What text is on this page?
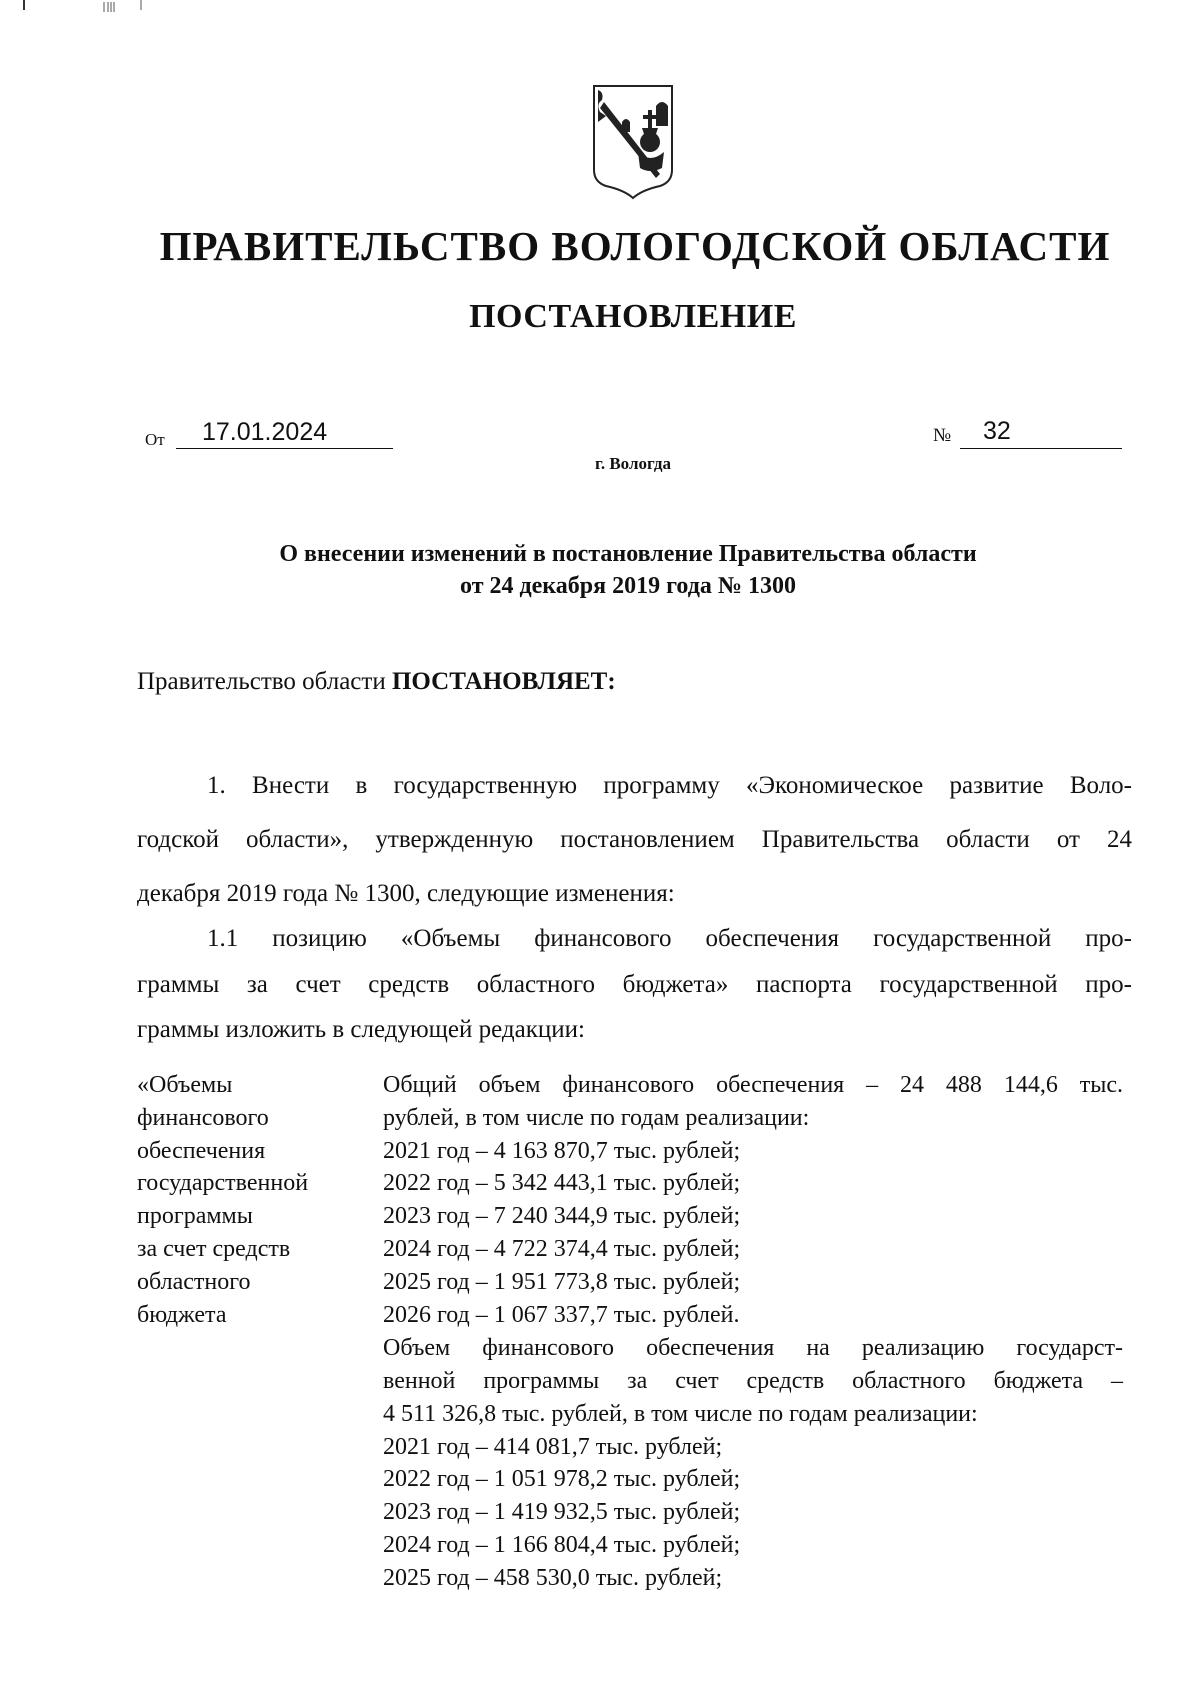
ПРАВИТЕЛЬСТВО ВОЛОГОДСКОЙ ОБЛАСТИ
ПОСТАНОВЛЕНИЕ
От 17.01.2024	№ 32
г. Вологда
О внесении изменений в постановление Правительства области
от 24 декабря 2019 года № 1300
Правительство области ПОСТАНОВЛЯЕТ:
1. Внести в государственную программу «Экономическое развитие Воло-
годской области», утвержденную постановлением Правительства области от 24
декабря 2019 года № 1300, следующие изменения:
1.1 позицию «Объемы финансового обеспечения государственной про-
граммы за счет средств областного бюджета» паспорта государственной про-
граммы изложить в следующей редакции:
«Объемы
финансового
обеспечения
государственной
программы
за счет средств
областного
бюджета
Общий объем финансового обеспечения – 24 488 144,6 тыс.
рублей, в том числе по годам реализации:
2021 год – 4 163 870,7 тыс. рублей;
2022 год – 5 342 443,1 тыс. рублей;
2023 год – 7 240 344,9 тыс. рублей;
2024 год – 4 722 374,4 тыс. рублей;
2025 год – 1 951 773,8 тыс. рублей;
2026 год – 1 067 337,7 тыс. рублей.
Объем финансового обеспечения на реализацию государст-
венной программы за счет средств областного бюджета –
4 511 326,8 тыс. рублей, в том числе по годам реализации:
2021 год – 414 081,7 тыс. рублей;
2022 год – 1 051 978,2 тыс. рублей;
2023 год – 1 419 932,5 тыс. рублей;
2024 год – 1 166 804,4 тыс. рублей;
2025 год – 458 530,0 тыс. рублей;
